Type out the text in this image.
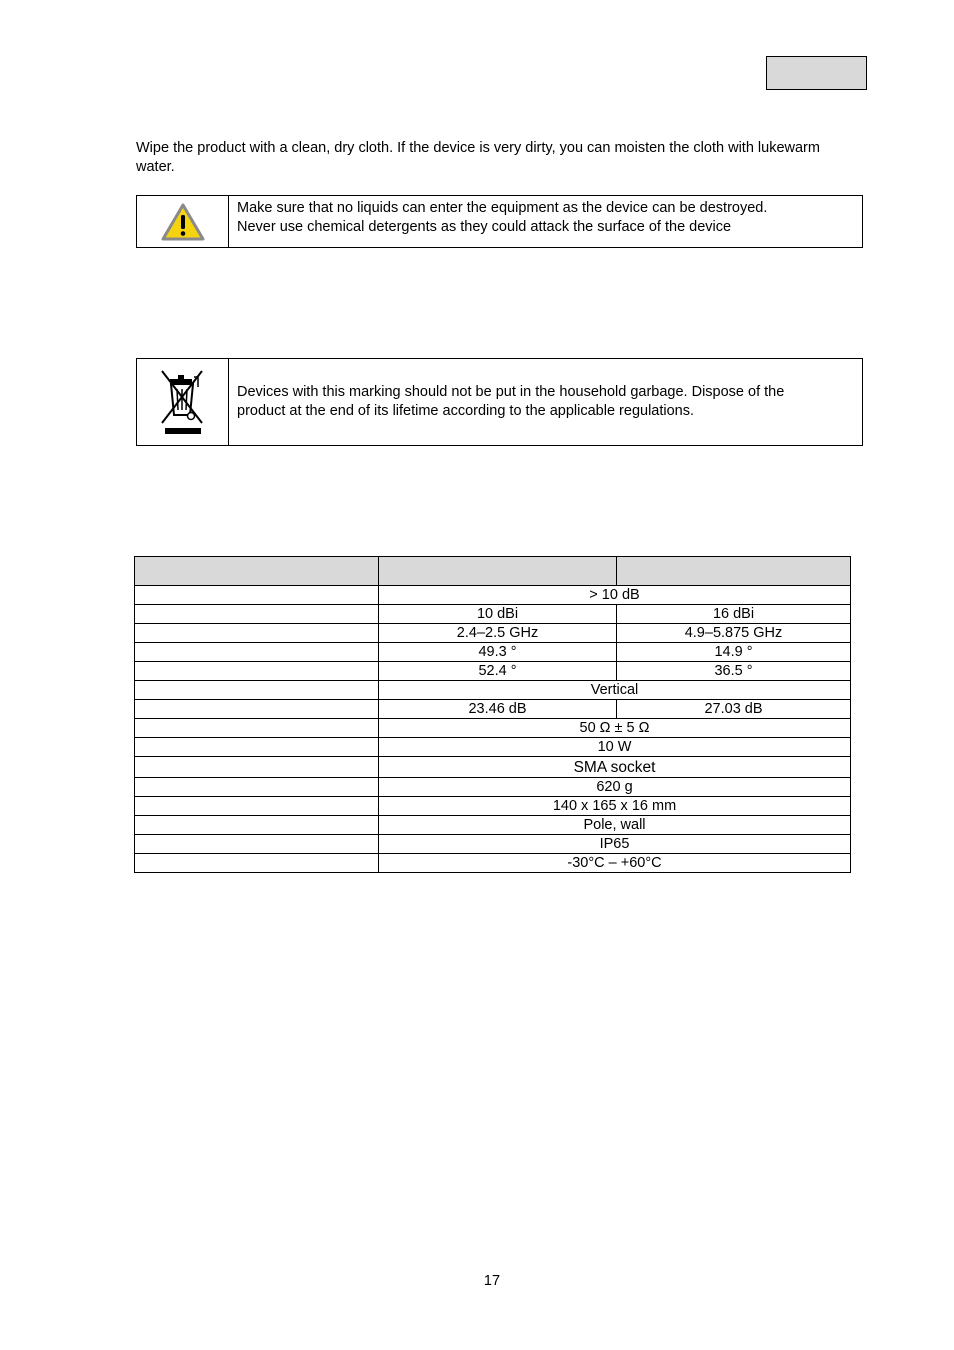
Wipe the product with a clean, dry cloth. If the device is very dirty, you can moisten the cloth with lukewarm water.

Make sure that no liquids can enter the equipment as the device can be destroyed.
Never use chemical detergents as they could attack the surface of the device
Devices with this marking should not be put in the household garbage. Dispose of the
product at the end of its lifetime according to the applicable regulations.

	> 10 dB	
	10 dBi	16 dBi
	2.4–2.5 GHz	4.9–5.875 GHz
	49.3 °	14.9 °
	52.4 °	36.5 °
	Vertical	
	23.46 dB	27.03 dB
	50 Ω ± 5 Ω	
	10 W	
	SMA socket	
	620 g	
	140 x 165 x 16 mm	
	Pole, wall	
	IP65	
	-30°C – +60°C	
17
